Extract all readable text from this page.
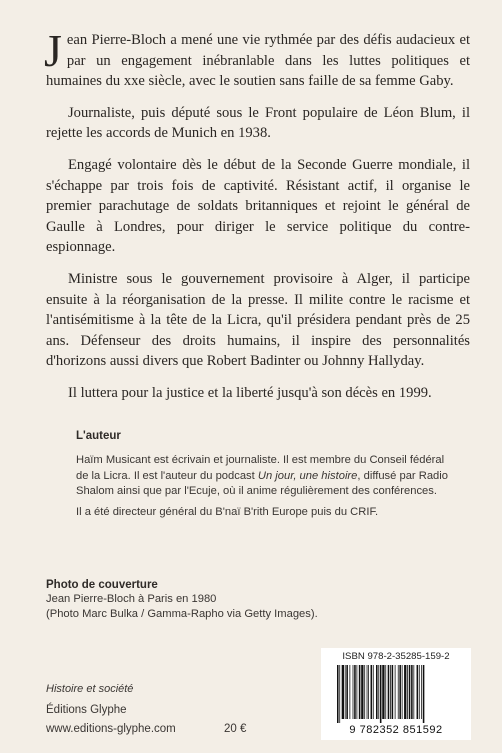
Jean Pierre-Bloch a mené une vie rythmée par des défis audacieux et par un engagement inébranlable dans les luttes politiques et humaines du xxe siècle, avec le soutien sans faille de sa femme Gaby.

Journaliste, puis député sous le Front populaire de Léon Blum, il rejette les accords de Munich en 1938.

Engagé volontaire dès le début de la Seconde Guerre mondiale, il s'échappe par trois fois de captivité. Résistant actif, il organise le premier parachutage de soldats britanniques et rejoint le général de Gaulle à Londres, pour diriger le service politique du contre-espionnage.

Ministre sous le gouvernement provisoire à Alger, il participe ensuite à la réorganisation de la presse. Il milite contre le racisme et l'antisémitisme à la tête de la Licra, qu'il présidera pendant près de 25 ans. Défenseur des droits humains, il inspire des personnalités d'horizons aussi divers que Robert Badinter ou Johnny Hallyday.

Il luttera pour la justice et la liberté jusqu'à son décès en 1999.

L'auteur

Haïm Musicant est écrivain et journaliste. Il est membre du Conseil fédéral de la Licra. Il est l'auteur du podcast Un jour, une histoire, diffusé par Radio Shalom ainsi que par l'Ecuje, où il anime régulièrement des conférences.

Il a été directeur général du B'naï B'rith Europe puis du CRIF.

Photo de couverture

Jean Pierre-Bloch à Paris en 1980

(Photo Marc Bulka / Gamma-Rapho via Getty Images).

Histoire et société
Éditions Glyphe
www.editions-glyphe.com	20 €
ISBN 978-2-35285-159-2
9 782352 851592
